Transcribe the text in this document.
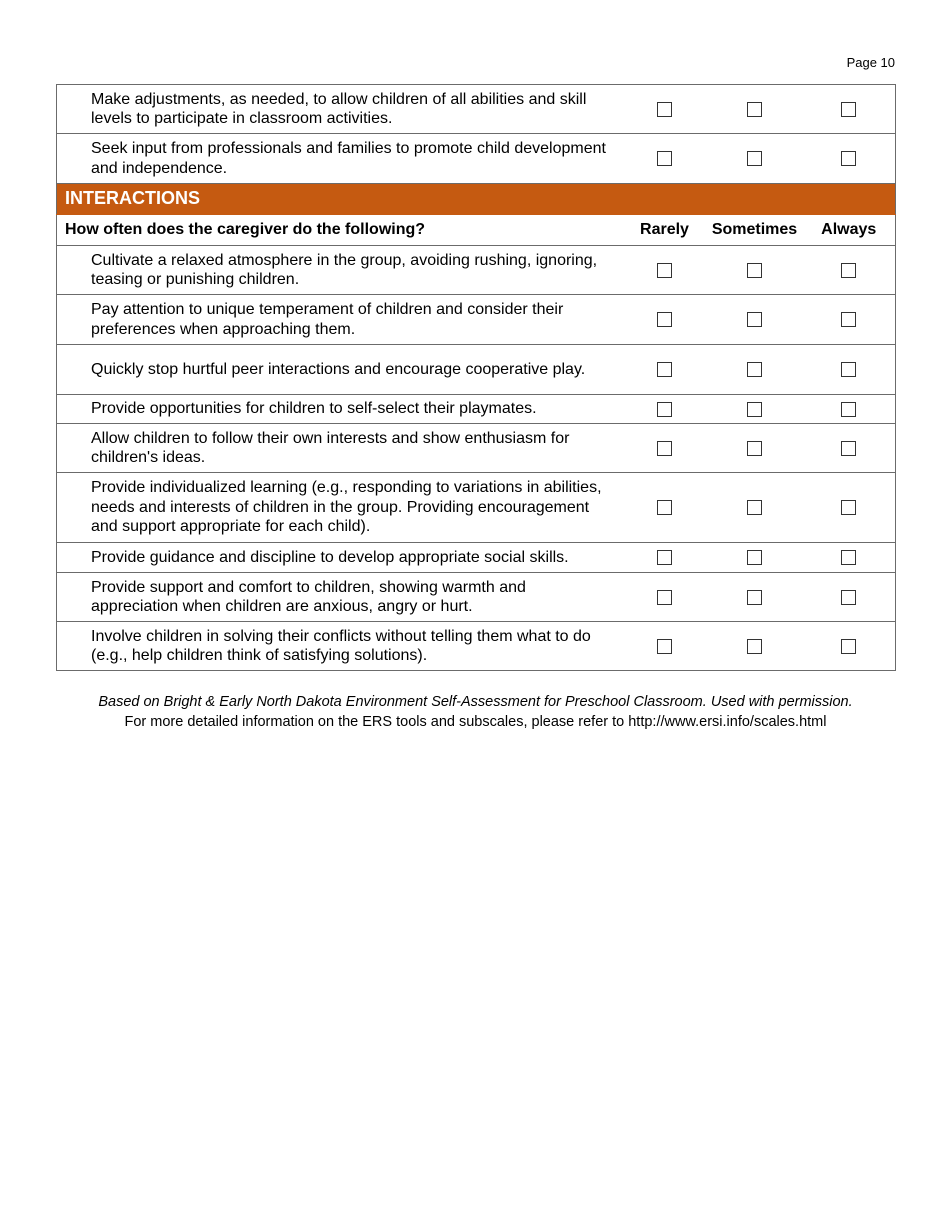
Page 10
Make adjustments, as needed, to allow children of all abilities and skill levels to participate in classroom activities.			
Seek input from professionals and families to promote child development and independence.			
INTERACTIONS			
How often does the caregiver do the following?	Rarely	Sometimes	Always
Cultivate a relaxed atmosphere in the group, avoiding rushing, ignoring, teasing or punishing children.			
Pay attention to unique temperament of children and consider their preferences when approaching them.			
Quickly stop hurtful peer interactions and encourage cooperative play.			
Provide opportunities for children to self-select their playmates.			
Allow children to follow their own interests and show enthusiasm for children's ideas.			
Provide individualized learning (e.g., responding to variations in abilities, needs and interests of children in the group. Providing encouragement and support appropriate for each child).			
Provide guidance and discipline to develop appropriate social skills.			
Provide support and comfort to children, showing warmth and appreciation when children are anxious, angry or hurt.			
Involve children in solving their conflicts without telling them what to do (e.g., help children think of satisfying solutions).			
Based on Bright & Early North Dakota Environment Self-Assessment for Preschool Classroom. Used with permission.
For more detailed information on the ERS tools and subscales, please refer to http://www.ersi.info/scales.html
